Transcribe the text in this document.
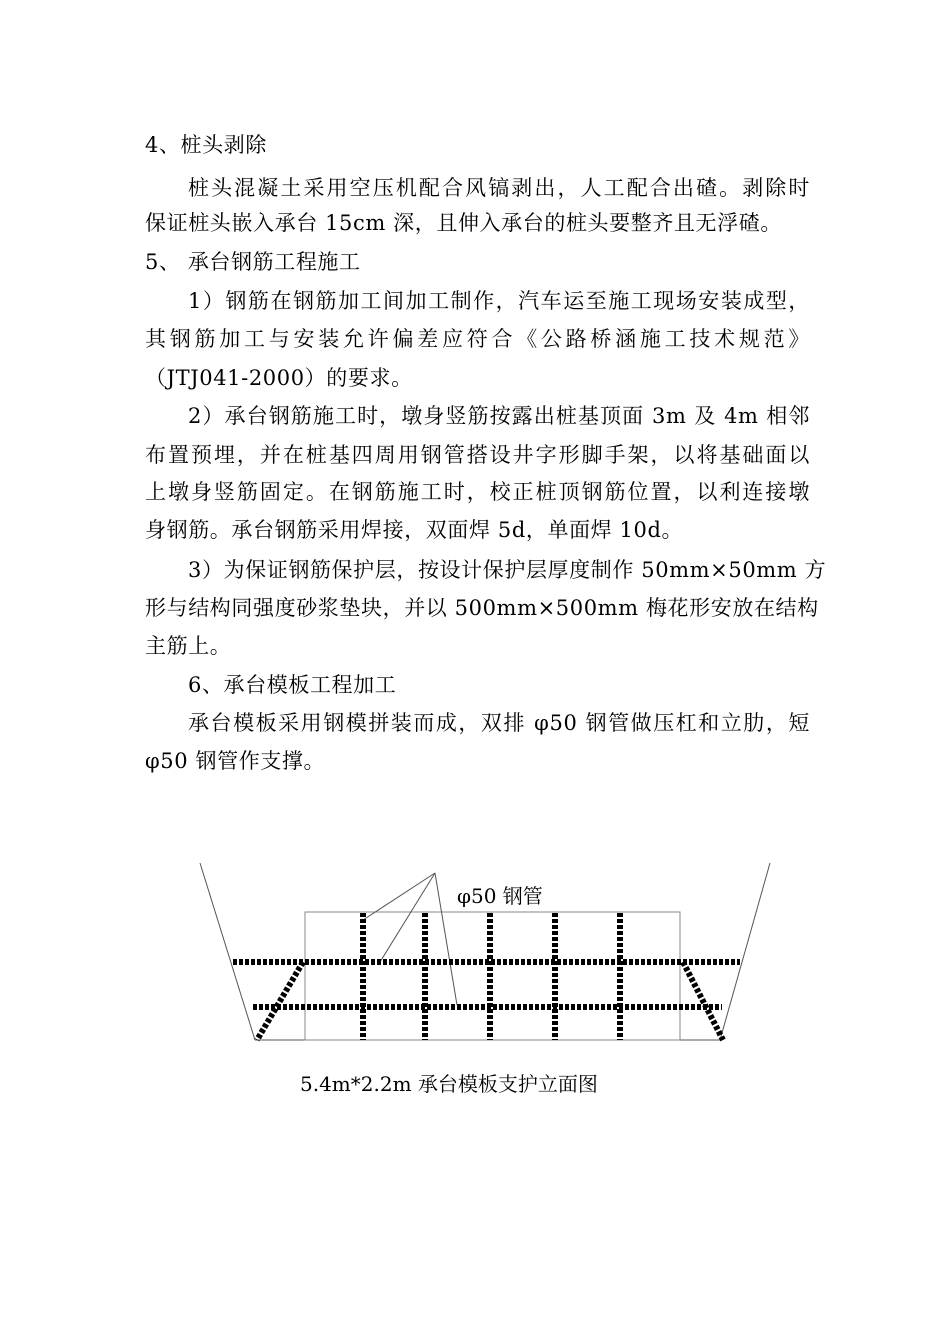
4、桩头剥除
桩头混凝土采用空压机配合风镐剥出，人工配合出碴。剥除时
保证桩头嵌入承台 15cm 深，且伸入承台的桩头要整齐且无浮碴。
5、 承台钢筋工程施工
1）钢筋在钢筋加工间加工制作，汽车运至施工现场安装成型，
其钢筋加工与安装允许偏差应符合《公路桥涵施工技术规范》
（JTJ041-2000）的要求。
2）承台钢筋施工时，墩身竖筋按露出桩基顶面 3m 及 4m 相邻
布置预埋，并在桩基四周用钢管搭设井字形脚手架，以将基础面以
上墩身竖筋固定。在钢筋施工时，校正桩顶钢筋位置，以利连接墩
身钢筋。承台钢筋采用焊接，双面焊 5d，单面焊 10d。
3）为保证钢筋保护层，按设计保护层厚度制作 50mm×50mm 方
形与结构同强度砂浆垫块，并以 500mm×500mm 梅花形安放在结构
主筋上。
6、承台模板工程加工
承台模板采用钢模拼装而成，双排 φ50 钢管做压杠和立肋，短
φ50 钢管作支撑。
φ50 钢管
5.4m*2.2m 承台模板支护立面图
